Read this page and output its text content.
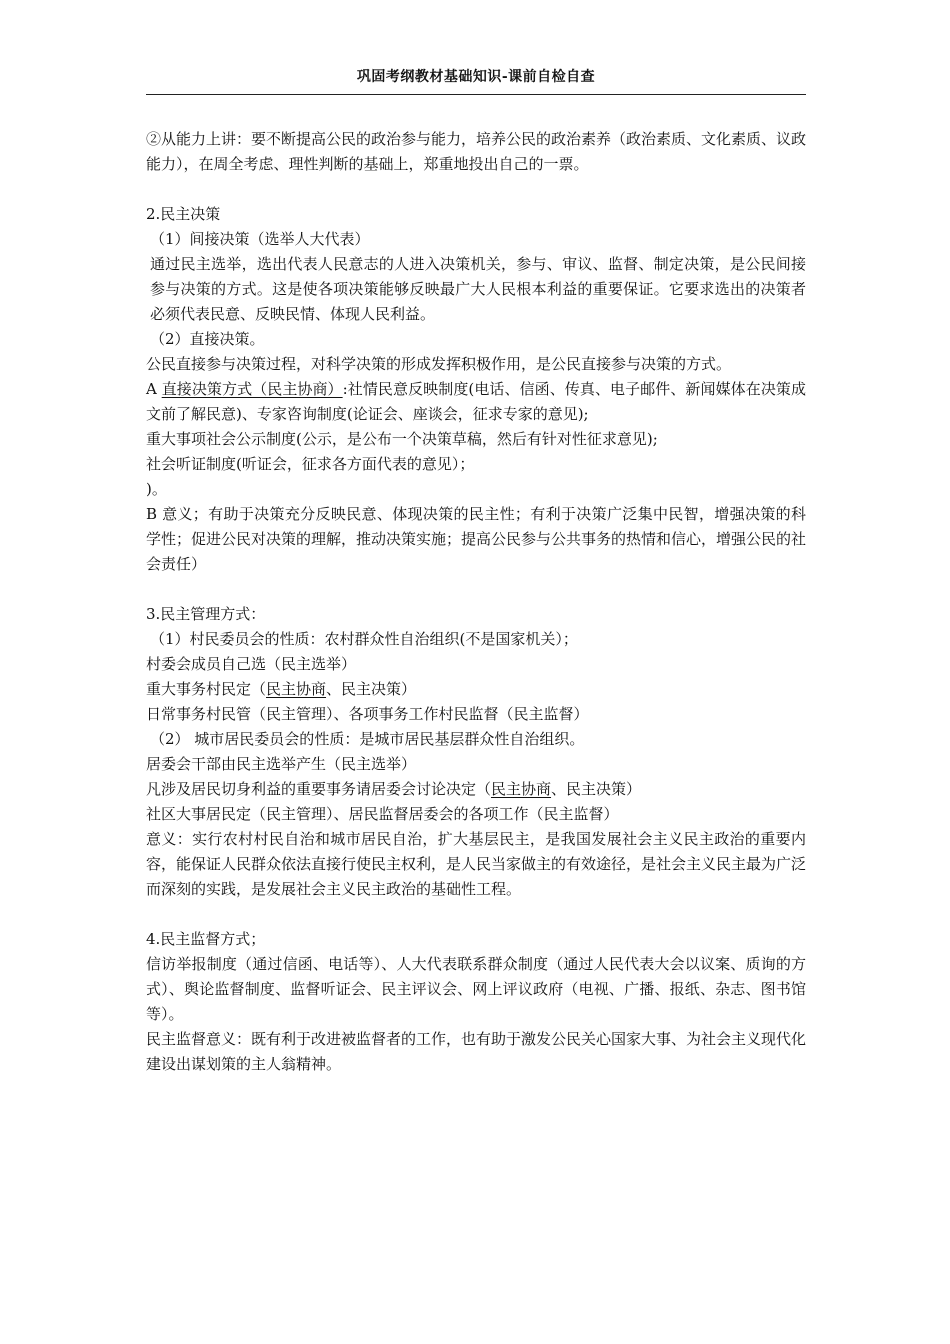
巩固考纲教材基础知识-课前自检自查

②从能力上讲：要不断提高公民的政治参与能力，培养公民的政治素养（政治素质、文化素质、议政能力），在周全考虑、理性判断的基础上，郑重地投出自己的一票。

2.民主决策

（1）间接决策（选举人大代表）

通过民主选举，选出代表人民意志的人进入决策机关，参与、审议、监督、制定决策，是公民间接参与决策的方式。这是使各项决策能够反映最广大人民根本利益的重要保证。它要求选出的决策者必须代表民意、反映民情、体现人民利益。

（2）直接决策。

公民直接参与决策过程，对科学决策的形成发挥积极作用，是公民直接参与决策的方式。

A 直接决策方式（民主协商）:社情民意反映制度(电话、信函、传真、电子邮件、新闻媒体在决策成文前了解民意)、专家咨询制度(论证会、座谈会，征求专家的意见);

重大事项社会公示制度(公示，是公布一个决策草稿，然后有针对性征求意见);

社会听证制度(听证会，征求各方面代表的意见）；

)。

B 意义；有助于决策充分反映民意、体现决策的民主性；有利于决策广泛集中民智，增强决策的科学性；促进公民对决策的理解，推动决策实施；提高公民参与公共事务的热情和信心，增强公民的社会责任）

3.民主管理方式：

（1）村民委员会的性质：农村群众性自治组织(不是国家机关）；

村委会成员自己选（民主选举）

重大事务村民定（民主协商、民主决策）

日常事务村民管（民主管理）、各项事务工作村民监督（民主监督）

（2） 城市居民委员会的性质：是城市居民基层群众性自治组织。

居委会干部由民主选举产生（民主选举）

凡涉及居民切身利益的重要事务请居委会讨论决定（民主协商、民主决策）

社区大事居民定（民主管理）、居民监督居委会的各项工作（民主监督）

意义：实行农村村民自治和城市居民自治，扩大基层民主，是我国发展社会主义民主政治的重要内容，能保证人民群众依法直接行使民主权利，是人民当家做主的有效途径，是社会主义民主最为广泛而深刻的实践，是发展社会主义民主政治的基础性工程。

4.民主监督方式；

信访举报制度（通过信函、电话等）、人大代表联系群众制度（通过人民代表大会以议案、质询的方式）、舆论监督制度、监督听证会、民主评议会、网上评议政府（电视、广播、报纸、杂志、图书馆等）。

民主监督意义：既有利于改进被监督者的工作，也有助于激发公民关心国家大事、为社会主义现代化建设出谋划策的主人翁精神。
